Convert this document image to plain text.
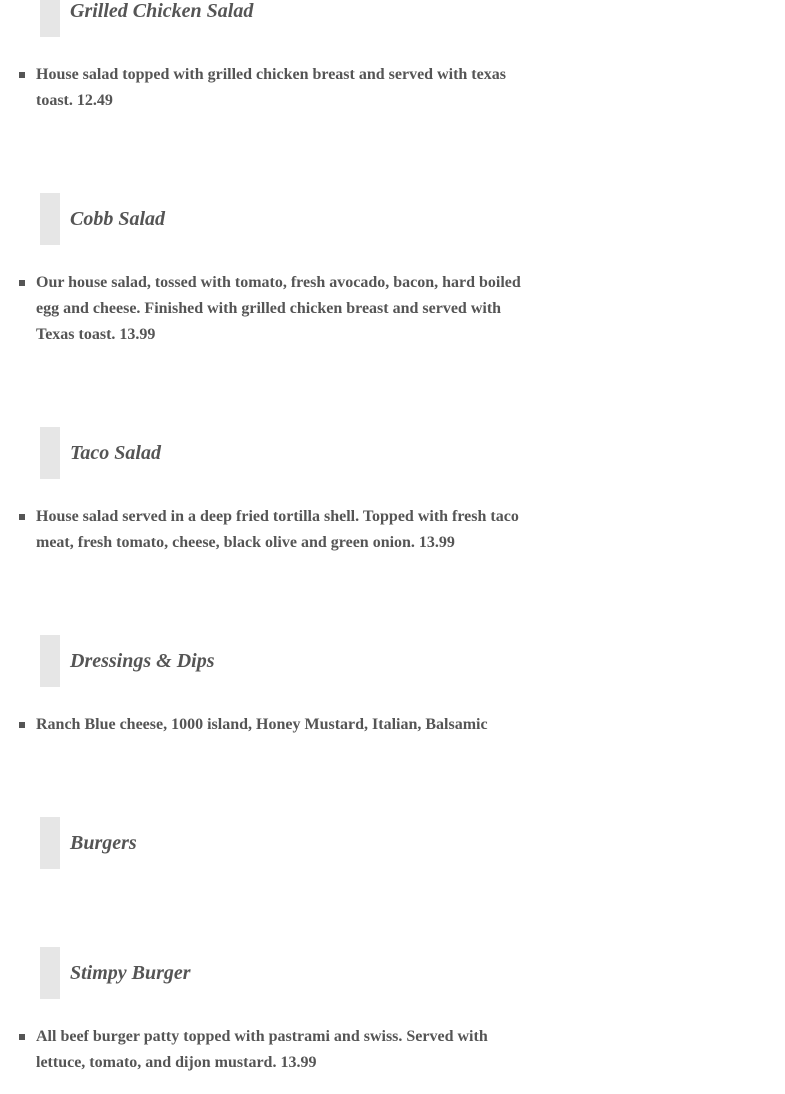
Grilled Chicken Salad
House salad topped with grilled chicken breast and served with texas toast. 12.49
Cobb Salad
Our house salad, tossed with tomato, fresh avocado, bacon, hard boiled egg and cheese. Finished with grilled chicken breast and served with Texas toast. 13.99
Taco Salad
House salad served in a deep fried tortilla shell. Topped with fresh taco meat, fresh tomato, cheese, black olive and green onion. 13.99
Dressings & Dips
Ranch Blue cheese, 1000 island, Honey Mustard, Italian, Balsamic
Burgers
Stimpy Burger
All beef burger patty topped with pastrami and swiss. Served with lettuce, tomato, and dijon mustard. 13.99
